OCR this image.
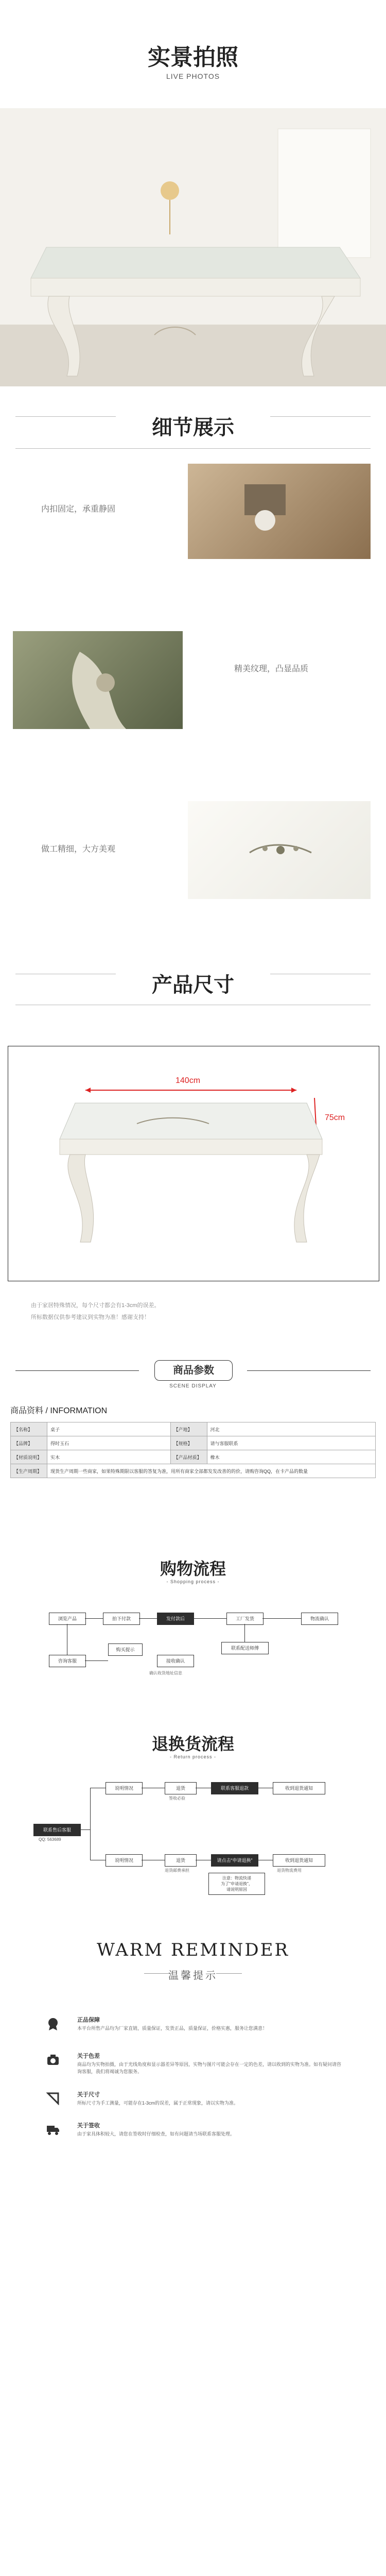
实景拍照
LIVE PHOTOS
细节展示
内扣固定，承重静固
精美纹理，凸显品质
做工精细，大方美观
产品尺寸
140cm
75cm
由于家居特殊情况，每个尺寸都会有1-3cm的误差。
所标数据仅供参考建议到实物为准！感谢支持！
商品参数
SCENE DISPLAY
商品资料 / INFORMATION
【名称】	桌子	【产地】	河北
【品牌】	得时玉石	【规格】	请与客服联系
【材质说明】	实木	【产品材质】	橡木
【生产周期】	现货生产周期一些商家，如果特殊期限以客服的答复为准，用所有商家全部都发发改善的的价，请购咨询QQ，在卡产品的数量		
购物流程
- Shopping process -
浏览产品	拍下付款	发付款后	工厂发货	物流确认
咨询客服
购买提示	联系配送师傅
接收确认
确认收货地址信息
退换货流程
- Return process -
联系售后客服
QQ: 563689
说明情况	退货
签收必验
联系客服退款	收到退货通知
说明情况	退货
退货邮费承担
请点击“申请退换”
注意：物流快递
为了"申请退换"，
请说明原因
收到退货通知
退货物流费用
WARM REMINDER
温馨提示
正品保障
本平台所售产品均为厂家直销，质量保证，发货正品，质量保证，价格实惠，服务让您满意！
关于色差
商品均为实物拍摄，由于光线角度和显示器差异等原因，实物与图片可能会存在一定的色差，请以收到的实物为准。如有疑问请咨询客服，我们将竭诚为您服务。
关于尺寸
所标尺寸为手工测量，可能存在1-3cm的误差，属于正常现象，请以实物为准。
关于签收
由于家具体积较大，请您在签收时仔细检查，如有问题请当场联系客服处理。
